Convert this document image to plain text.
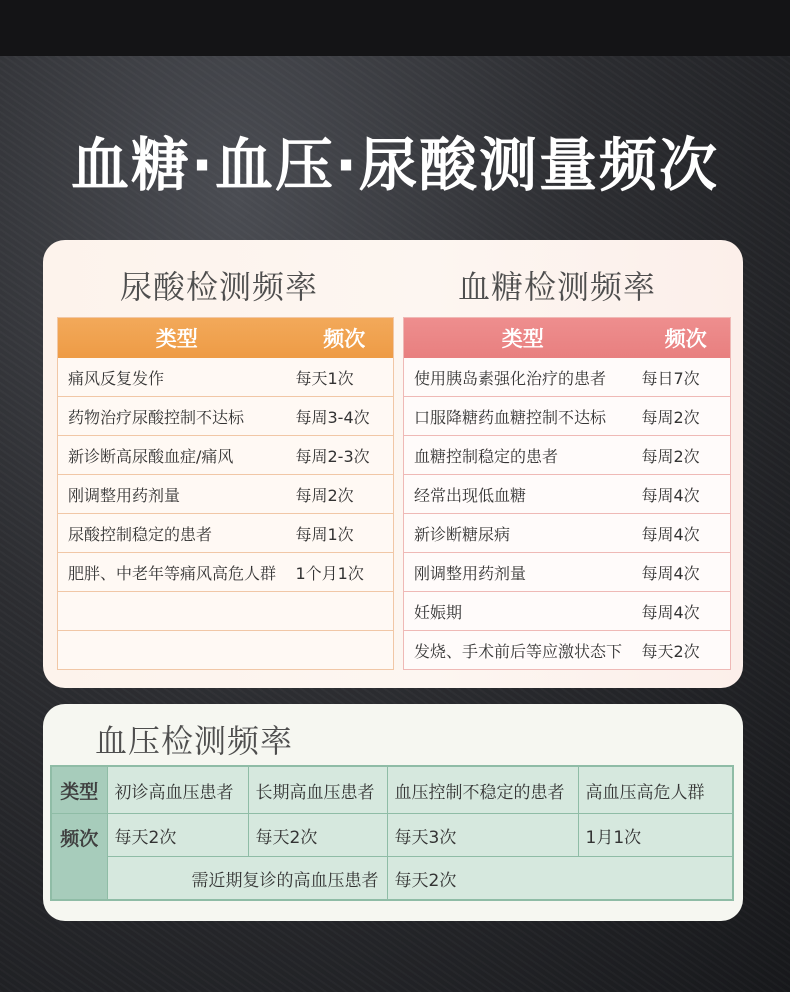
血糖·血压·尿酸测量频次
尿酸检测频率	血糖检测频率
类型	频次
痛风反复发作	每天1次
药物治疗尿酸控制不达标	每周3-4次
新诊断高尿酸血症/痛风	每周2-3次
刚调整用药剂量	每周2次
尿酸控制稳定的患者	每周1次
肥胖、中老年等痛风高危人群	1个月1次

类型	频次
使用胰岛素强化治疗的患者	每日7次
口服降糖药血糖控制不达标	每周2次
血糖控制稳定的患者	每周2次
经常出现低血糖	每周4次
新诊断糖尿病	每周4次
刚调整用药剂量	每周4次
妊娠期	每周4次
发烧、手术前后等应激状态下	每天2次
血压检测频率
类型	初诊高血压患者	长期高血压患者	血压控制不稳定的患者	高血压高危人群
频次	每天2次	每天2次	每天3次	1月1次
	需近期复诊的高血压患者		每天2次	
